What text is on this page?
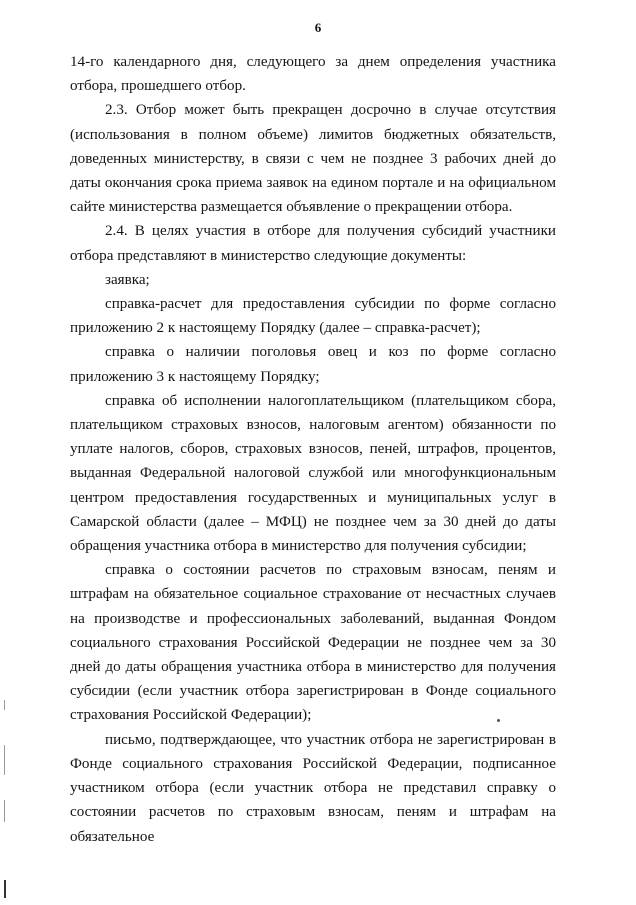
6

14-го календарного дня, следующего за днем определения участника отбора, прошедшего отбор.

2.3. Отбор может быть прекращен досрочно в случае отсутствия (использования в полном объеме) лимитов бюджетных обязательств, доведенных министерству, в связи с чем не позднее 3 рабочих дней до даты окончания срока приема заявок на едином портале и на официальном сайте министерства размещается объявление о прекращении отбора.

2.4. В целях участия в отборе для получения субсидий участники отбора представляют в министерство следующие документы:

заявка;

справка-расчет для предоставления субсидии по форме согласно приложению 2 к настоящему Порядку (далее – справка-расчет);

справка о наличии поголовья овец и коз по форме согласно приложению 3 к настоящему Порядку;

справка об исполнении налогоплательщиком (плательщиком сбора, плательщиком страховых взносов, налоговым агентом) обязанности по уплате налогов, сборов, страховых взносов, пеней, штрафов, процентов, выданная Федеральной налоговой службой или многофункциональным центром предоставления государственных и муниципальных услуг в Самарской области (далее – МФЦ) не позднее чем за 30 дней до даты обращения участника отбора в министерство для получения субсидии;

справка о состоянии расчетов по страховым взносам, пеням и штрафам на обязательное социальное страхование от несчастных случаев на производстве и профессиональных заболеваний, выданная Фондом социального страхования Российской Федерации не позднее чем за 30 дней до даты обращения участника отбора в министерство для получения субсидии (если участник отбора зарегистрирован в Фонде социального страхования Российской Федерации);

письмо, подтверждающее, что участник отбора не зарегистрирован в Фонде социального страхования Российской Федерации, подписанное участником отбора (если участник отбора не представил справку о состоянии расчетов по страховым взносам, пеням и штрафам на обязательное
